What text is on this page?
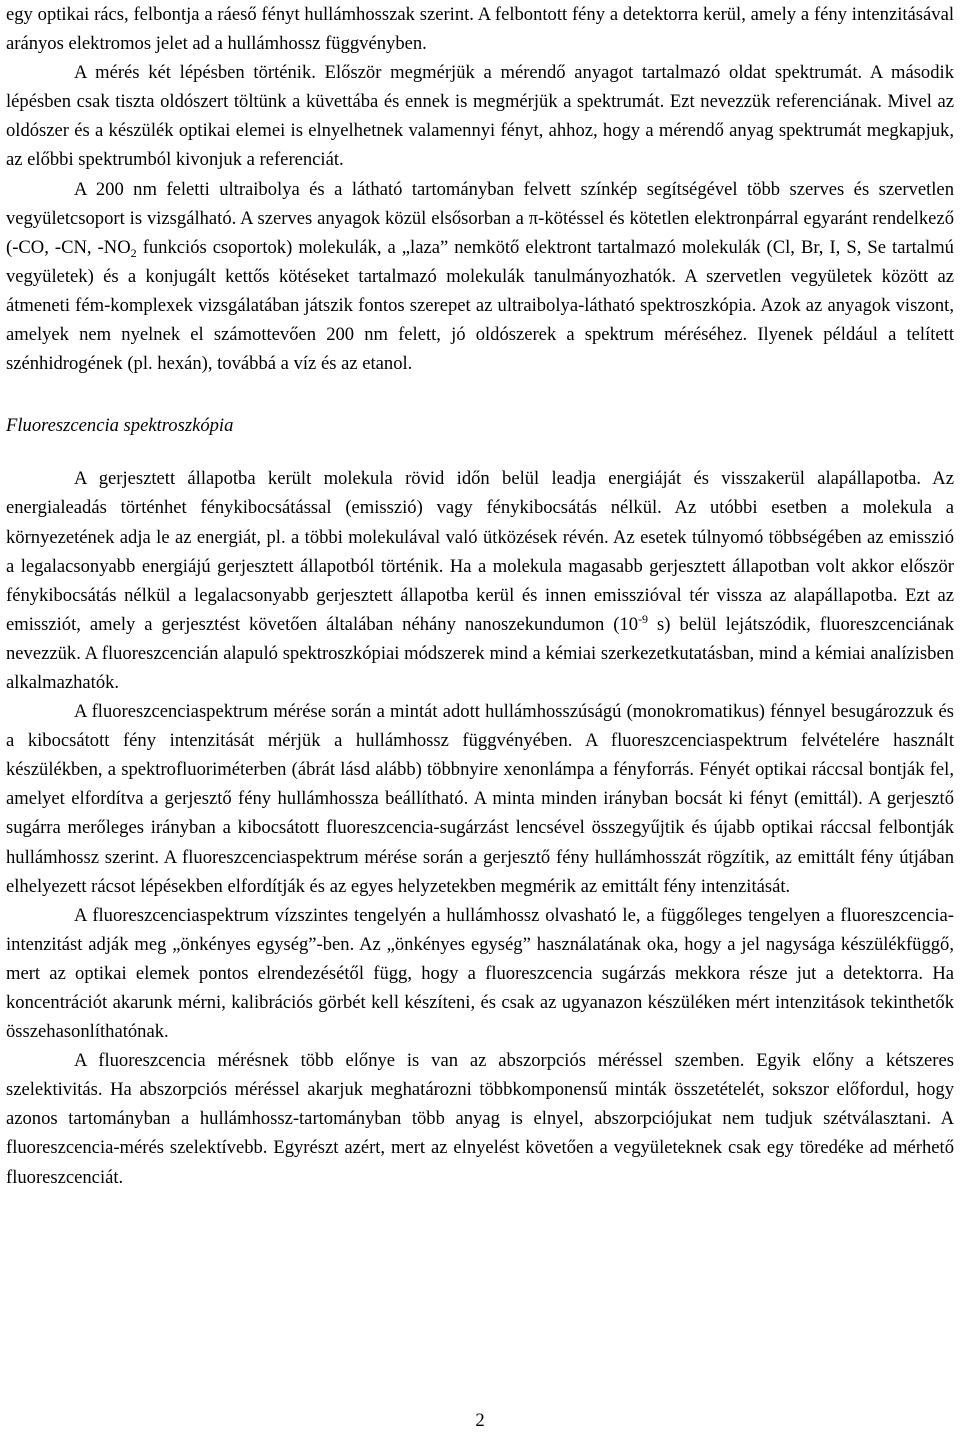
egy optikai rács, felbontja a ráeső fényt hullámhosszak szerint. A felbontott fény a detektorra kerül, amely a fény intenzitásával arányos elektromos jelet ad a hullámhossz függvényben.

A mérés két lépésben történik. Először megmérjük a mérendő anyagot tartalmazó oldat spektrumát. A második lépésben csak tiszta oldószert töltünk a küvettába és ennek is megmérjük a spektrumát. Ezt nevezzük referenciának. Mivel az oldószer és a készülék optikai elemei is elnyelhetnek valamennyi fényt, ahhoz, hogy a mérendő anyag spektrumát megkapjuk, az előbbi spektrumból kivonjuk a referenciát.

A 200 nm feletti ultraibolya és a látható tartományban felvett színkép segítségével több szerves és szervetlen vegyületcsoport is vizsgálható. A szerves anyagok közül elsősorban a π-kötéssel és kötetlen elektronpárral egyaránt rendelkező (-CO, -CN, $-NO_2$ funkciós csoportok) molekulák, a „laza” nemkötő elektront tartalmazó molekulák (Cl, Br, I, S, Se tartalmú vegyületek) és a konjugált kettős kötéseket tartalmazó molekulák tanulmányozhatók. A szervetlen vegyületek között az átmeneti fém-komplexek vizsgálatában játszik fontos szerepet az ultraibolya-látható spektroszkópia. Azok az anyagok viszont, amelyek nem nyelnek el számottevően 200 nm felett, jó oldószerek a spektrum méréséhez. Ilyenek például a telített szénhidrogének (pl. hexán), továbbá a víz és az etanol.

Fluoreszcencia spektroszkópia

A gerjesztett állapotba került molekula rövid időn belül leadja energiáját és visszakerül alapállapotba. Az energialeadás történhet fénykibocsátással (emisszió) vagy fénykibocsátás nélkül. Az utóbbi esetben a molekula a környezetének adja le az energiát, pl. a többi molekulával való ütközések révén. Az esetek túlnyomó többségében az emisszió a legalacsonyabb energiájú gerjesztett állapotból történik. Ha a molekula magasabb gerjesztett állapotban volt akkor először fénykibocsátás nélkül a legalacsonyabb gerjesztett állapotba kerül és innen emisszióval tér vissza az alapállapotba. Ezt az emissziót, amely a gerjesztést követően általában néhány nanoszekundumon ($10^{-9}$ s) belül lejátszódik, fluoreszcenciának nevezzük. A fluoreszcencián alapuló spektroszkópiai módszerek mind a kémiai szerkezetkutatásban, mind a kémiai analízisben alkalmazhatók.

A fluoreszcenciaspektrum mérése során a mintát adott hullámhosszúságú (monokromatikus) fénnyel besugározzuk és a kibocsátott fény intenzitását mérjük a hullámhossz függvényében. A fluoreszcenciaspektrum felvételére használt készülékben, a spektrofluoriméterben (ábrát lásd alább) többnyire xenonlámpa a fényforrás. Fényét optikai ráccsal bontják fel, amelyet elfordítva a gerjesztő fény hullámhossza beállítható. A minta minden irányban bocsát ki fényt (emittál). A gerjesztő sugárra merőleges irányban a kibocsátott fluoreszcencia-sugárzást lencsével összegyűjtik és újabb optikai ráccsal felbontják hullámhossz szerint. A fluoreszcenciaspektrum mérése során a gerjesztő fény hullámhosszát rögzítik, az emittált fény útjában elhelyezett rácsot lépésekben elfordítják és az egyes helyzetekben megmérik az emittált fény intenzitását.

A fluoreszcenciaspektrum vízszintes tengelyén a hullámhossz olvasható le, a függőleges tengelyen a fluoreszcencia-intenzitást adják meg „önkényes egység”-ben. Az „önkényes egység” használatának oka, hogy a jel nagysága készülékfüggő, mert az optikai elemek pontos elrendezésétől függ, hogy a fluoreszcencia sugárzás mekkora része jut a detektorra. Ha koncentrációt akarunk mérni, kalibrációs görbét kell készíteni, és csak az ugyanazon készüléken mért intenzitások tekinthetők összehasonlíthatónak.

A fluoreszcencia mérésnek több előnye is van az abszorpciós méréssel szemben. Egyik előny a kétszeres szelektivitás. Ha abszorpciós méréssel akarjuk meghatározni többkomponensű minták összetételét, sokszor előfordul, hogy azonos tartományban a hullámhossz-tartományban több anyag is elnyel, abszorpciójukat nem tudjuk szétválasztani. A fluoreszcencia-mérés szelektívebb. Egyrészt azért, mert az elnyelést követően a vegyületeknek csak egy töredéke ad mérhető fluoreszcenciát.

2
